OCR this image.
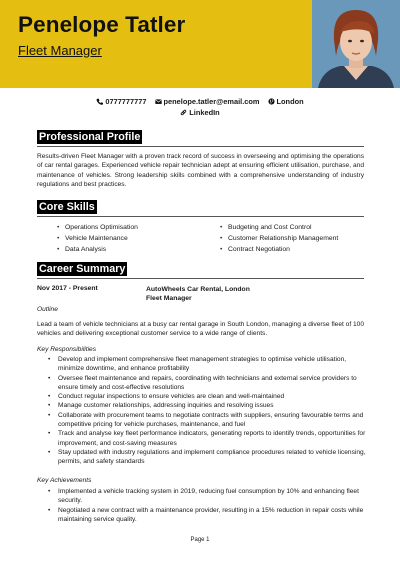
Penelope Tatler
Fleet Manager
0777777777 penelope.tatler@email.com London
LinkedIn
Professional Profile
Results-driven Fleet Manager with a proven track record of success in overseeing and optimising the operations of car rental garages. Experienced vehicle repair technician adept at ensuring efficient utilisation, purchase, and maintenance of vehicles. Strong leadership skills combined with a comprehensive understanding of industry regulations and best practices.
Core Skills
• Operations Optimisation
• Vehicle Maintenance
• Data Analysis
• Budgeting and Cost Control
• Customer Relationship Management
• Contract Negotiation
Career Summary
Nov 2017 - Present	AutoWheels Car Rental, London
Fleet Manager
Outline
Lead a team of vehicle technicians at a busy car rental garage in South London, managing a diverse fleet of 100 vehicles and delivering exceptional customer service to a wide range of clients.
Key Responsibilities
• Develop and implement comprehensive fleet management strategies to optimise vehicle utilisation, minimize downtime, and enhance profitability
• Oversee fleet maintenance and repairs, coordinating with technicians and external service providers to ensure timely and cost-effective resolutions
• Conduct regular inspections to ensure vehicles are clean and well-maintained
• Manage customer relationships, addressing inquiries and resolving issues
• Collaborate with procurement teams to negotiate contracts with suppliers, ensuring favourable terms and competitive pricing for vehicle purchases, maintenance, and fuel
• Track and analyse key fleet performance indicators, generating reports to identify trends, opportunities for improvement, and cost-saving measures
• Stay updated with industry regulations and implement compliance procedures related to vehicle licensing, permits, and safety standards
Key Achievements
• Implemented a vehicle tracking system in 2019, reducing fuel consumption by 10% and enhancing fleet security.
• Negotiated a new contract with a maintenance provider, resulting in a 15% reduction in repair costs while maintaining service quality.
Page 1
